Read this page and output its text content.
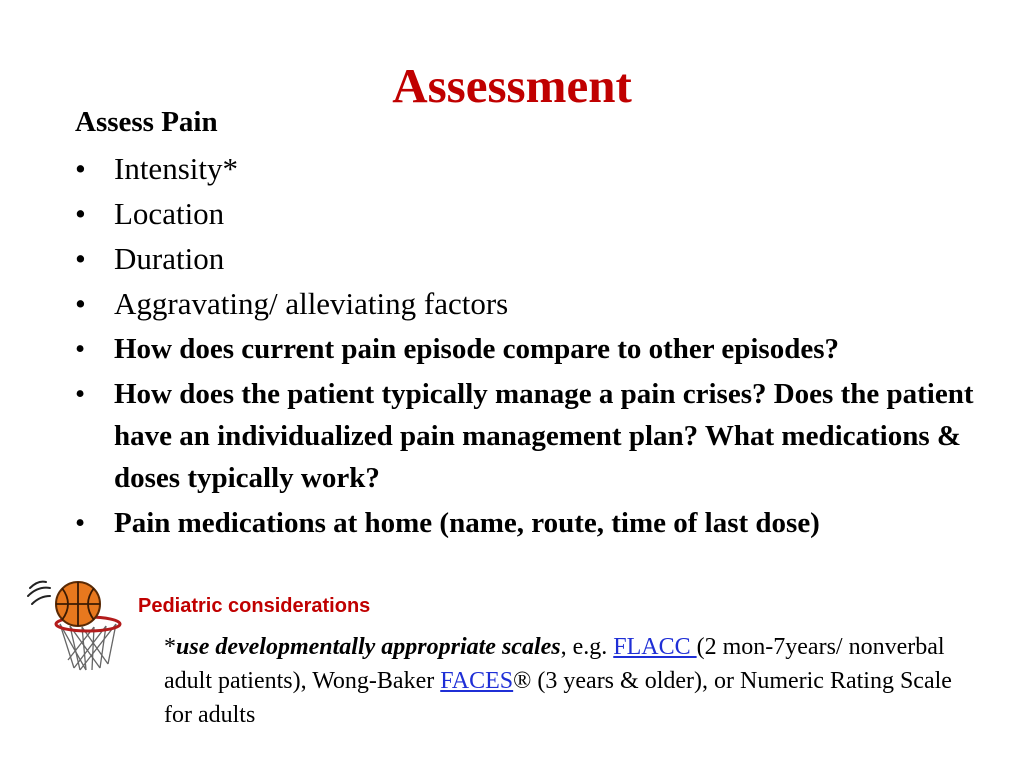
Assessment
Assess Pain
• Intensity*
• Location
• Duration
• Aggravating/ alleviating factors
• How does current pain episode compare to other episodes?
• How does the patient typically manage a pain crises? Does the patient have an individualized pain management plan? What medications & doses typically work?
• Pain medications at home (name, route, time of last dose)
Pediatric considerations
*use developmentally appropriate scales, e.g. FLACC (2 mon-7years/ nonverbal adult patients), Wong-Baker FACES® (3 years & older), or Numeric Rating Scale for adults
